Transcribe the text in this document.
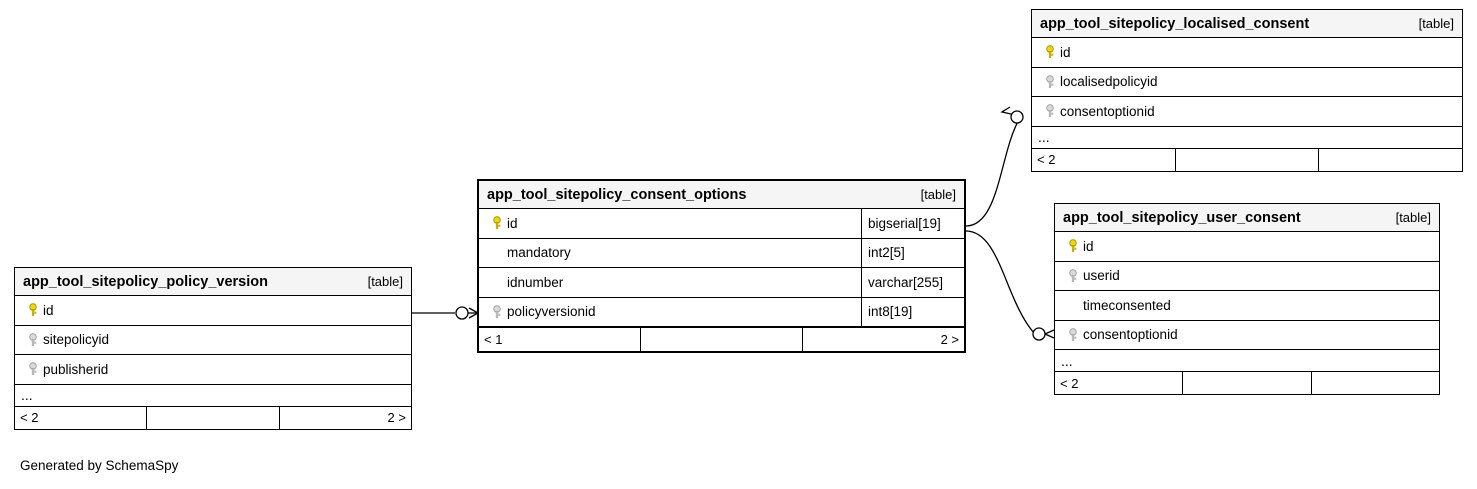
app_tool_sitepolicy_localised_consent	[table]
id
localisedpolicyid
consentoptionid
...
< 2
app_tool_sitepolicy_user_consent	[table]
id
userid
timeconsented
consentoptionid
...
< 2
app_tool_sitepolicy_consent_options	[table]
id	bigserial[19]
mandatory	int2[5]
idnumber	varchar[255]
policyversionid	int8[19]
< 1	2 >
app_tool_sitepolicy_policy_version	[table]
id
sitepolicyid
publisherid
...
< 2	2 >
Generated by SchemaSpy
